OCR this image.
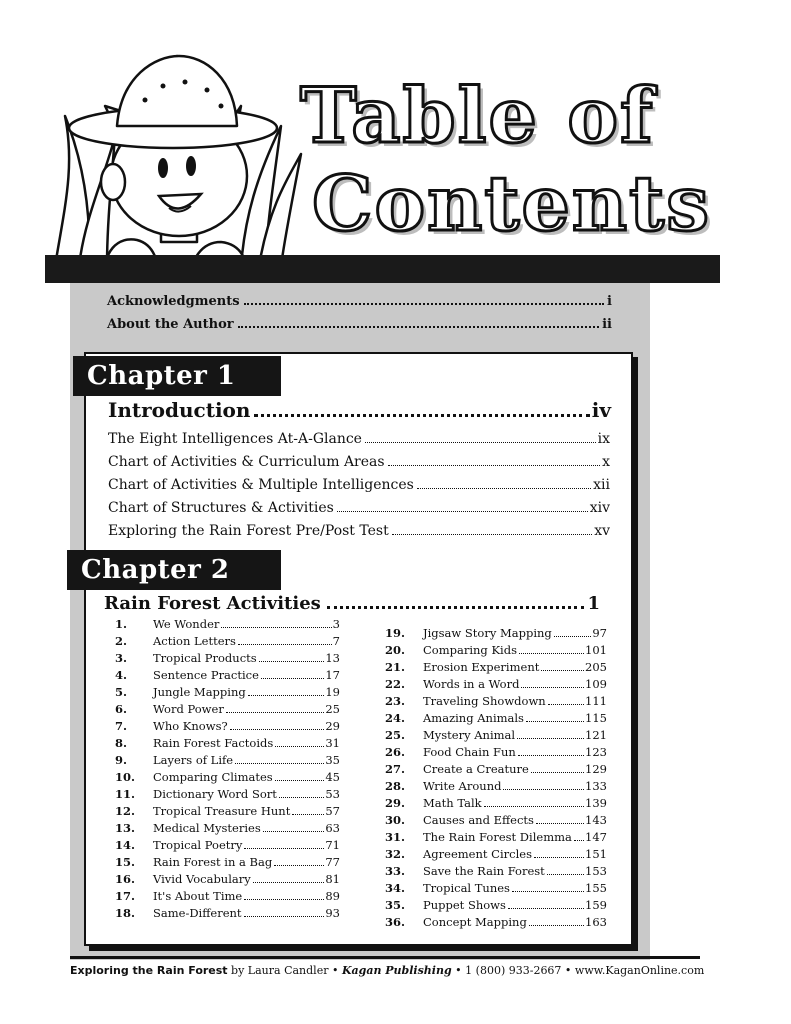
Table of
Contents
Acknowledgments	i
About the Author	ii
Chapter 1
Introduction	iv
The Eight Intelligences At-A-Glance	ix
Chart of Activities & Curriculum Areas	x
Chart of Activities & Multiple Intelligences	xii
Chart of Structures & Activities	xiv
Exploring the Rain Forest Pre/Post Test	xv
Chapter 2
Rain Forest Activities	1
1.	We Wonder	3
2.	Action Letters	7
3.	Tropical Products	13
4.	Sentence Practice	17
5.	Jungle Mapping	19
6.	Word Power	25
7.	Who Knows?	29
8.	Rain Forest Factoids	31
9.	Layers of Life	35
10.	Comparing Climates	45
11.	Dictionary Word Sort	53
12.	Tropical Treasure Hunt	57
13.	Medical Mysteries	63
14.	Tropical Poetry	71
15.	Rain Forest in a Bag	77
16.	Vivid Vocabulary	81
17.	It's About Time	89
18.	Same-Different	93
19.	Jigsaw Story Mapping	97
20.	Comparing Kids	101
21.	Erosion Experiment	205
22.	Words in a Word	109
23.	Traveling Showdown	111
24.	Amazing Animals	115
25.	Mystery Animal	121
26.	Food Chain Fun	123
27.	Create a Creature	129
28.	Write Around	133
29.	Math Talk	139
30.	Causes and Effects	143
31.	The Rain Forest Dilemma 147
32.	Agreement Circles	151
33.	Save the Rain Forest	153
34.	Tropical Tunes	155
35.	Puppet Shows	159
36.	Concept Mapping	163
Exploring the Rain Forest by Laura Candler • Kagan Publishing • 1 (800) 933-2667 • www.KaganOnline.com
